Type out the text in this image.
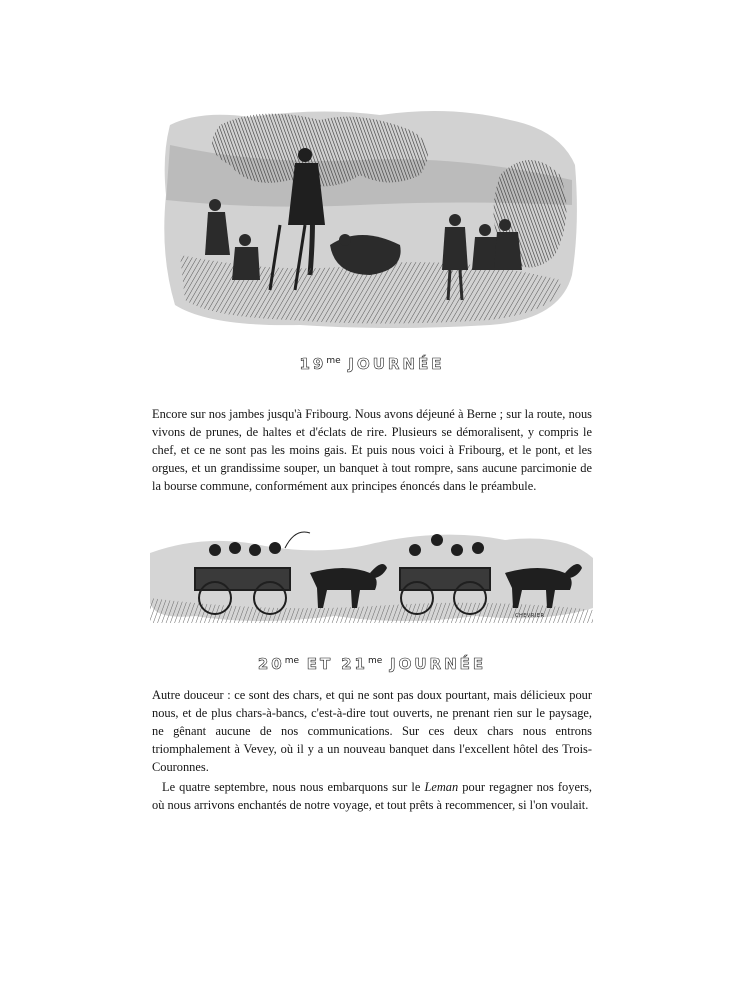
$19^{me}$ JOURNÉE

Encore sur nos jambes jusqu'à Fribourg. Nous avons déjeuné à Berne ; sur la route, nous vivons de prunes, de haltes et d'éclats de rire. Plusieurs se démoralisent, y compris le chef, et ce ne sont pas les moins gais. Et puis nous voici à Fribourg, et le pont, et les orgues, et un grandissime souper, un banquet à tout rompre, sans aucune parcimonie de la bourse commune, conformément aux principes énoncés dans le préambule.

CHEVRIER
$20^{me}$ ET $21^{me}$ JOURNÉE

Autre douceur : ce sont des chars, et qui ne sont pas doux pourtant, mais délicieux pour nous, et de plus chars-à-bancs, c'est-à-dire tout ouverts, ne prenant rien sur le paysage, ne gênant aucune de nos communications. Sur ces deux chars nous entrons triomphalement à Vevey, où il y a un nouveau banquet dans l'excellent hôtel des Trois-Couronnes.

Le quatre septembre, nous nous embarquons sur le Leman pour regagner nos foyers, où nous arrivons enchantés de notre voyage, et tout prêts à recommencer, si l'on voulait.
